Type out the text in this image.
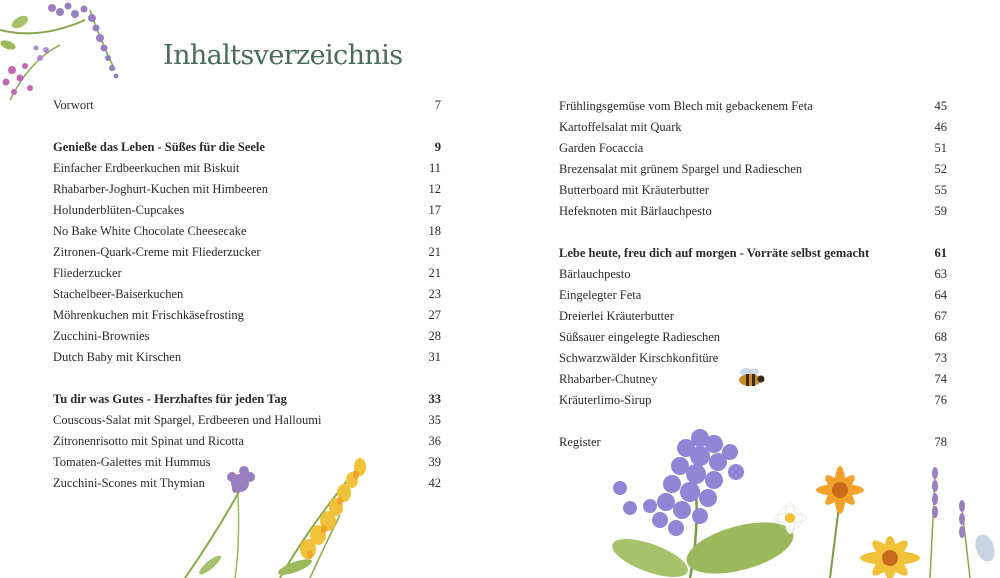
Inhaltsverzeichnis
Vorwort	7
Genieße das Leben - Süßes für die Seele	9
Einfacher Erdbeerkuchen mit Biskuit	11
Rhabarber-Joghurt-Kuchen mit Himbeeren	12
Holunderblüten-Cupcakes	17
No Bake White Chocolate Cheesecake	18
Zitronen-Quark-Creme mit Fliederzucker	21
Fliederzucker	21
Stachelbeer-Baiserkuchen	23
Möhrenkuchen mit Frischkäsefrosting	27
Zucchini-Brownies	28
Dutch Baby mit Kirschen	31
Tu dir was Gutes - Herzhaftes für jeden Tag	33
Couscous-Salat mit Spargel, Erdbeeren und Halloumi	35
Zitronenrisotto mit Spinat und Ricotta	36
Tomaten-Galettes mit Hummus	39
Zucchini-Scones mit Thymian	42
Frühlingsgemüse vom Blech mit gebackenem Feta	45
Kartoffelsalat mit Quark	46
Garden Focaccia	51
Brezensalat mit grünem Spargel und Radieschen	52
Butterboard mit Kräuterbutter	55
Hefeknoten mit Bärlauchpesto	59
Lebe heute, freu dich auf morgen - Vorräte selbst gemacht	61
Bärlauchpesto	63
Eingelegter Feta	64
Dreierlei Kräuterbutter	67
Süßsauer eingelegte Radieschen	68
Schwarzwälder Kirschkonfitüre	73
Rhabarber-Chutney	74
Kräuterlimo-Sirup	76
Register	78
